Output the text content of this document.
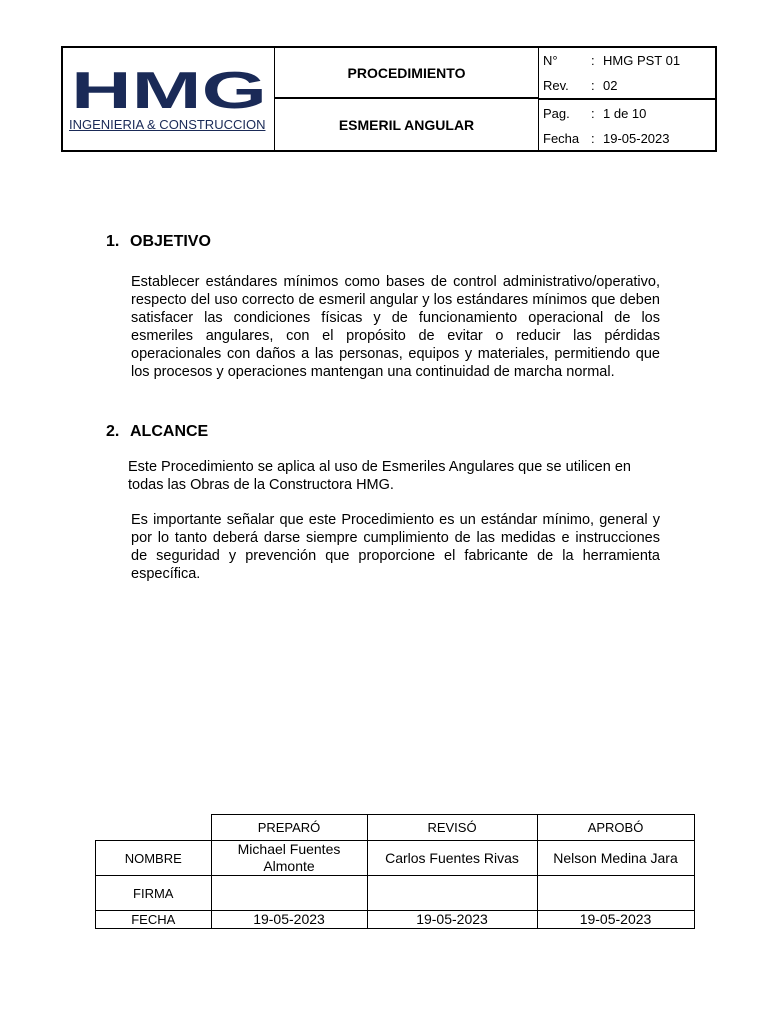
HMG
INGENIERIA & CONSTRUCCION
PROCEDIMIENTO
ESMERIL ANGULAR
N°	: HMG PST 01
Rev. : 02
Pag. : 1 de 10
Fecha : 19-05-2023
1. OBJETIVO
Establecer estándares mínimos como bases de control administrativo/operativo, respecto del uso correcto de esmeril angular y los estándares mínimos que deben satisfacer las condiciones físicas y de funcionamiento operacional de los esmeriles angulares, con el propósito de evitar o reducir las pérdidas operacionales con daños a las personas, equipos y materiales, permitiendo que los procesos y operaciones mantengan una continuidad de marcha normal.
2. ALCANCE
Este Procedimiento se aplica al uso de Esmeriles Angulares que se utilicen en todas las Obras de la Constructora HMG.
Es importante señalar que este Procedimiento es un estándar mínimo, general y por lo tanto deberá darse siempre cumplimiento de las medidas e instrucciones de seguridad y prevención que proporcione el fabricante de la herramienta específica.
	PREPARÓ	REVISÓ	APROBÓ
NOMBRE	Michael Fuentes Almonte	Carlos Fuentes Rivas	Nelson Medina Jara
FIRMA			
FECHA	19-05-2023	19-05-2023	19-05-2023
